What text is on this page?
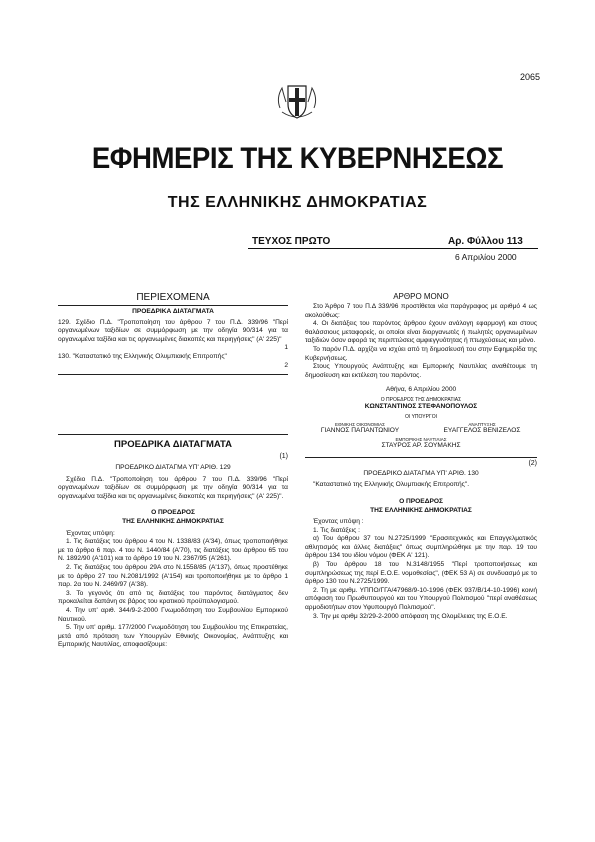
2065
ΕΦΗΜΕΡΙΣ ΤΗΣ ΚΥΒΕΡΝΗΣΕΩΣ
ΤΗΣ ΕΛΛΗΝΙΚΗΣ ΔΗΜΟΚΡΑΤΙΑΣ
ΤΕΥΧΟΣ ΠΡΩΤΟ	Αρ. Φύλλου 113
6 Απριλίου 2000
ΠΕΡΙΕΧΟΜΕΝΑ
ΠΡΟΕΔΡΙΚΑ ΔΙΑΤΑΓΜΑΤΑ
129. Σχέδιο Π.Δ. "Τροποποίηση του άρθρου 7 του Π.Δ. 339/96 "Περί οργανωμένων ταξιδίων σε συμμόρφωση με την οδηγία 90/314 για τα οργανωμένα ταξίδια και τις οργανωμένες διακοπές και περιηγήσεις" (Α' 225)"
1
130. "Καταστατικό της Ελληνικής Ολυμπιακής Επιτροπής"
2
ΠΡΟΕΔΡΙΚΑ ΔΙΑΤΑΓΜΑΤΑ
(1)
ΠΡΟΕΔΡΙΚΟ ΔΙΑΤΑΓΜΑ ΥΠ' ΑΡΙΘ. 129

Σχέδιο Π.Δ. "Τροποποίηση του άρθρου 7 του Π.Δ. 339/96 "Περί οργανωμένων ταξιδίων σε συμμόρφωση με την οδηγία 90/314 για τα οργανωμένα ταξίδια και τις οργανωμένες διακοπές και περιηγήσεις" (Α' 225)".

Ο ΠΡΟΕΔΡΟΣ
ΤΗΣ ΕΛΛΗΝΙΚΗΣ ΔΗΜΟΚΡΑΤΙΑΣ

Έχοντας υπόψη:

1. Τις διατάξεις του άρθρου 4 του Ν. 1338/83 (Α'34), όπως τροποποιήθηκε με το άρθρο 6 παρ. 4 του Ν. 1440/84 (Α'70), τις διατάξεις του άρθρου 65 του Ν. 1892/90 (Α'101) και το άρθρο 19 του Ν. 2367/95 (Α'261).

2. Τις διατάξεις του άρθρου 29Α στο Ν.1558/85 (Α'137), όπως προστέθηκε με το άρθρο 27 του Ν.2081/1992 (Α'154) και τροποποιήθηκε με το άρθρο 1 παρ. 2α του Ν. 2469/97 (Α'38).

3. Το γεγονός ότι από τις διατάξεις του παρόντος διατάγματος δεν προκαλείται δαπάνη σε βάρος του κρατικού προϋπολογισμού.

4. Την υπ' αριθ. 344/9-2-2000 Γνωμοδότηση του Συμβουλίου Εμπορικού Ναυτικού.

5. Την υπ' αριθμ. 177/2000 Γνωμοδότηση του Συμβουλίου της Επικρατείας, μετά από πρόταση των Υπουργών Εθνικής Οικονομίας, Ανάπτυξης και Εμπορικής Ναυτιλίας, αποφασίζουμε:

ΑΡΘΡΟ ΜΟΝΟ

Στο Άρθρο 7 του Π.Δ 339/96 προστίθεται νέα παράγραφος με αριθμό 4 ως ακολούθως:

4. Οι διατάξεις του παρόντος άρθρου έχουν ανάλογη εφαρμογή και στους θαλάσσιους μεταφορείς, οι οποίοι είναι διοργανωτές ή πωλητές οργανωμένων ταξιδιών όσον αφορά τις περιπτώσεις αμφιεγγυότητας ή πτωχεύσεως και μόνο.

Το παρόν Π.Δ. αρχίζει να ισχύει από τη δημοσίευσή του στην Εφημερίδα της Κυβερνήσεως.

Στους Υπουργούς Ανάπτυξης και Εμπορικής Ναυτιλίας αναθέτουμε τη δημοσίευση και εκτέλεση του παρόντος.

Αθήνα, 6 Απριλίου 2000
Ο ΠΡΟΕΔΡΟΣ ΤΗΣ ΔΗΜΟΚΡΑΤΙΑΣ
ΚΩΝΣΤΑΝΤΙΝΟΣ ΣΤΕΦΑΝΟΠΟΥΛΟΣ
ΟΙ ΥΠΟΥΡΓΟΙ
ΕΘΝΙΚΗΣ ΟΙΚΟΝΟΜΙΑΣ
ΓΙΑΝΝΟΣ ΠΑΠΑΝΤΩΝΙΟΥ
ΑΝΑΠΤΥΞΗΣ
ΕΥΑΓΓΕΛΟΣ ΒΕΝΙΖΕΛΟΣ
ΕΜΠΟΡΙΚΗΣ ΝΑΥΤΙΛΙΑΣ
ΣΤΑΥΡΟΣ ΑΡ. ΣΟΥΜΑΚΗΣ
(2)
ΠΡΟΕΔΡΙΚΟ ΔΙΑΤΑΓΜΑ ΥΠ' ΑΡΙΘ. 130

"Καταστατικό της Ελληνικής Ολυμπιακής Επιτροπής".

Ο ΠΡΟΕΔΡΟΣ
ΤΗΣ ΕΛΛΗΝΙΚΗΣ ΔΗΜΟΚΡΑΤΙΑΣ

Έχοντας υπόψη :

1. Τις διατάξεις :

α) Του άρθρου 37 του Ν.2725/1999 "Ερασιτεχνικός και Επαγγελματικός αθλητισμός και άλλες διατάξεις" όπως συμπληρώθηκε με την παρ. 19 του άρθρου 134 του ιδίου νόμου (ΦΕΚ Α' 121).

β) Του άρθρου 18 του Ν.3148/1955 "Περί τροποποιήσεως και συμπληρώσεως της περί Ε.Ο.Ε. νομοθεσίας", (ΦΕΚ 53 Α) σε συνδυασμό με το άρθρο 130 του Ν.2725/1999.

2. Τη με αριθμ. ΥΠΠΟ/ΓΓΑ/47968/9-10-1996 (ΦΕΚ 937/Β/14-10-1996) κοινή απόφαση του Πρωθυπουργού και του Υπουργού Πολιτισμού "περί αναθέσεως αρμοδιοτήτων στον Υφυπουργό Πολιτισμού".

3. Την με αριθμ 32/29-2-2000 απόφαση της Ολομέλειας της Ε.Ο.Ε.
